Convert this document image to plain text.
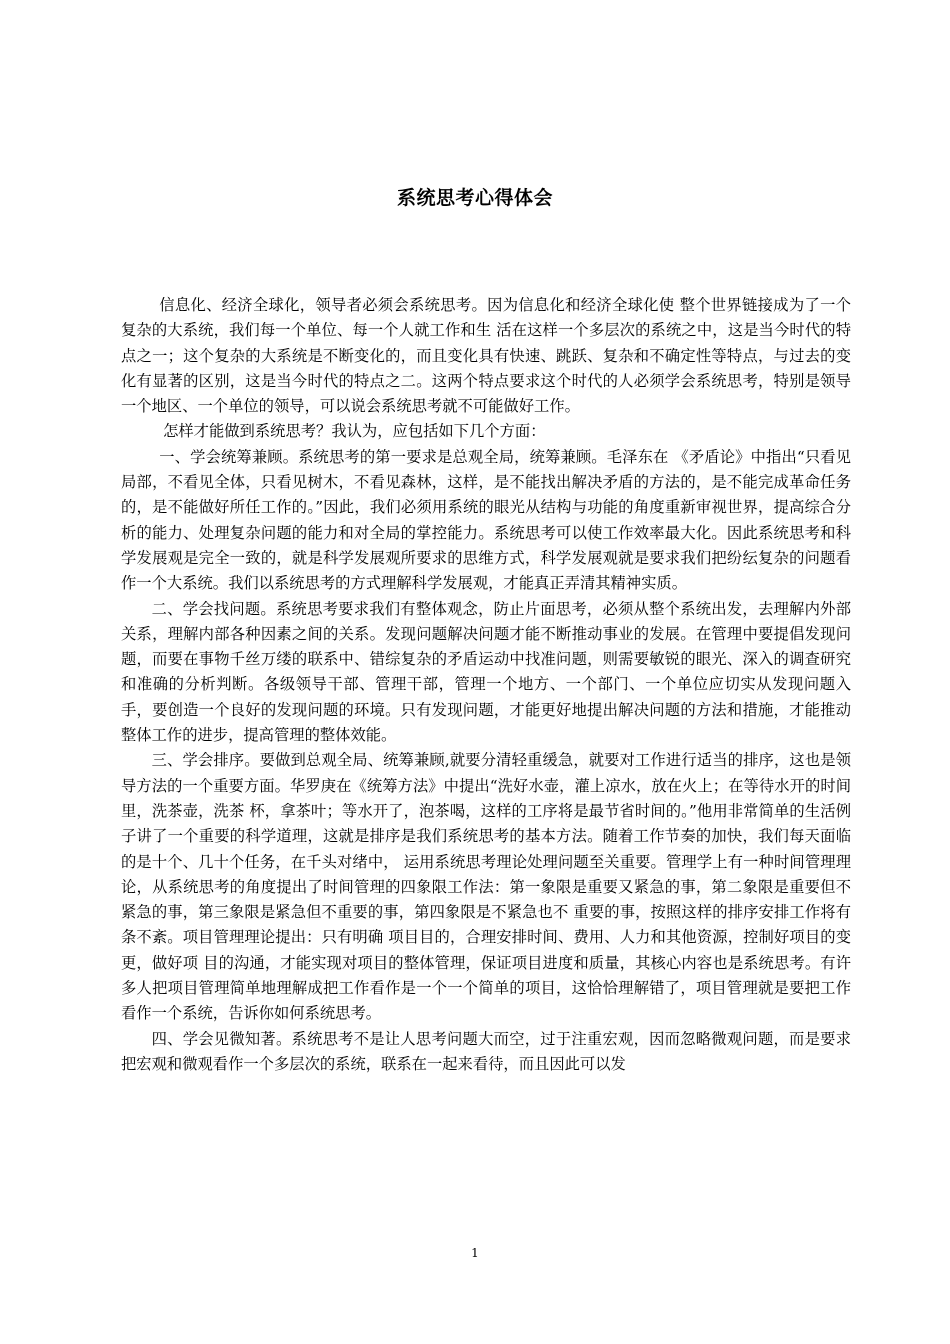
系统思考心得体会

信息化、经济全球化，领导者必须会系统思考。因为信息化和经济全球化使 整个世界链接成为了一个复杂的大系统，我们每一个单位、每一个人就工作和生 活在这样一个多层次的系统之中，这是当今时代的特点之一；这个复杂的大系统是不断变化的，而且变化具有快速、跳跃、复杂和不确定性等特点，与过去的变化有显著的区别，这是当今时代的特点之二。这两个特点要求这个时代的人必须学会系统思考，特别是领导一个地区、一个单位的领导，可以说会系统思考就不可能做好工作。

怎样才能做到系统思考？我认为，应包括如下几个方面：

一、学会统筹兼顾。系统思考的第一要求是总观全局，统筹兼顾。毛泽东在 《矛盾论》中指出“只看见局部，不看见全体，只看见树木，不看见森林，这样，是不能找出解决矛盾的方法的，是不能完成革命任务的，是不能做好所任工作的。”因此，我们必须用系统的眼光从结构与功能的角度重新审视世界，提高综合分析的能力、处理复杂问题的能力和对全局的掌控能力。系统思考可以使工作效率最大化。因此系统思考和科学发展观是完全一致的，就是科学发展观所要求的思维方式，科学发展观就是要求我们把纷纭复杂的问题看作一个大系统。我们以系统思考的方式理解科学发展观，才能真正弄清其精神实质。

二、学会找问题。系统思考要求我们有整体观念，防止片面思考，必须从整个系统出发，去理解内外部关系，理解内部各种因素之间的关系。发现问题解决问题才能不断推动事业的发展。在管理中要提倡发现问题，而要在事物千丝万缕的联系中、错综复杂的矛盾运动中找准问题，则需要敏锐的眼光、深入的调查研究和准确的分析判断。各级领导干部、管理干部，管理一个地方、一个部门、一个单位应切实从发现问题入手，要创造一个良好的发现问题的环境。只有发现问题，才能更好地提出解决问题的方法和措施，才能推动整体工作的进步，提高管理的整体效能。

三、学会排序。要做到总观全局、统筹兼顾,就要分清轻重缓急，就要对工作进行适当的排序，这也是领导方法的一个重要方面。华罗庚在《统筹方法》中提出“洗好水壶，灌上凉水，放在火上；在等待水开的时间里，洗茶壶，洗茶 杯，拿茶叶；等水开了，泡茶喝，这样的工序将是最节省时间的。”他用非常简单的生活例子讲了一个重要的科学道理，这就是排序是我们系统思考的基本方法。随着工作节奏的加快，我们每天面临的是十个、几十个任务，在千头对绪中， 运用系统思考理论处理问题至关重要。管理学上有一种时间管理理论，从系统思考的角度提出了时间管理的四象限工作法：第一象限是重要又紧急的事，第二象限是重要但不紧急的事，第三象限是紧急但不重要的事，第四象限是不紧急也不 重要的事，按照这样的排序安排工作将有条不紊。项目管理理论提出：只有明确 项目目的，合理安排时间、费用、人力和其他资源，控制好项目的变更，做好项 目的沟通，才能实现对项目的整体管理，保证项目进度和质量，其核心内容也是系统思考。有许多人把项目管理简单地理解成把工作看作是一个一个简单的项目，这恰恰理解错了，项目管理就是要把工作看作一个系统，告诉你如何系统思考。

四、学会见微知著。系统思考不是让人思考问题大而空，过于注重宏观，因而忽略微观问题，而是要求把宏观和微观看作一个多层次的系统，联系在一起来看待，而且因此可以发

1
